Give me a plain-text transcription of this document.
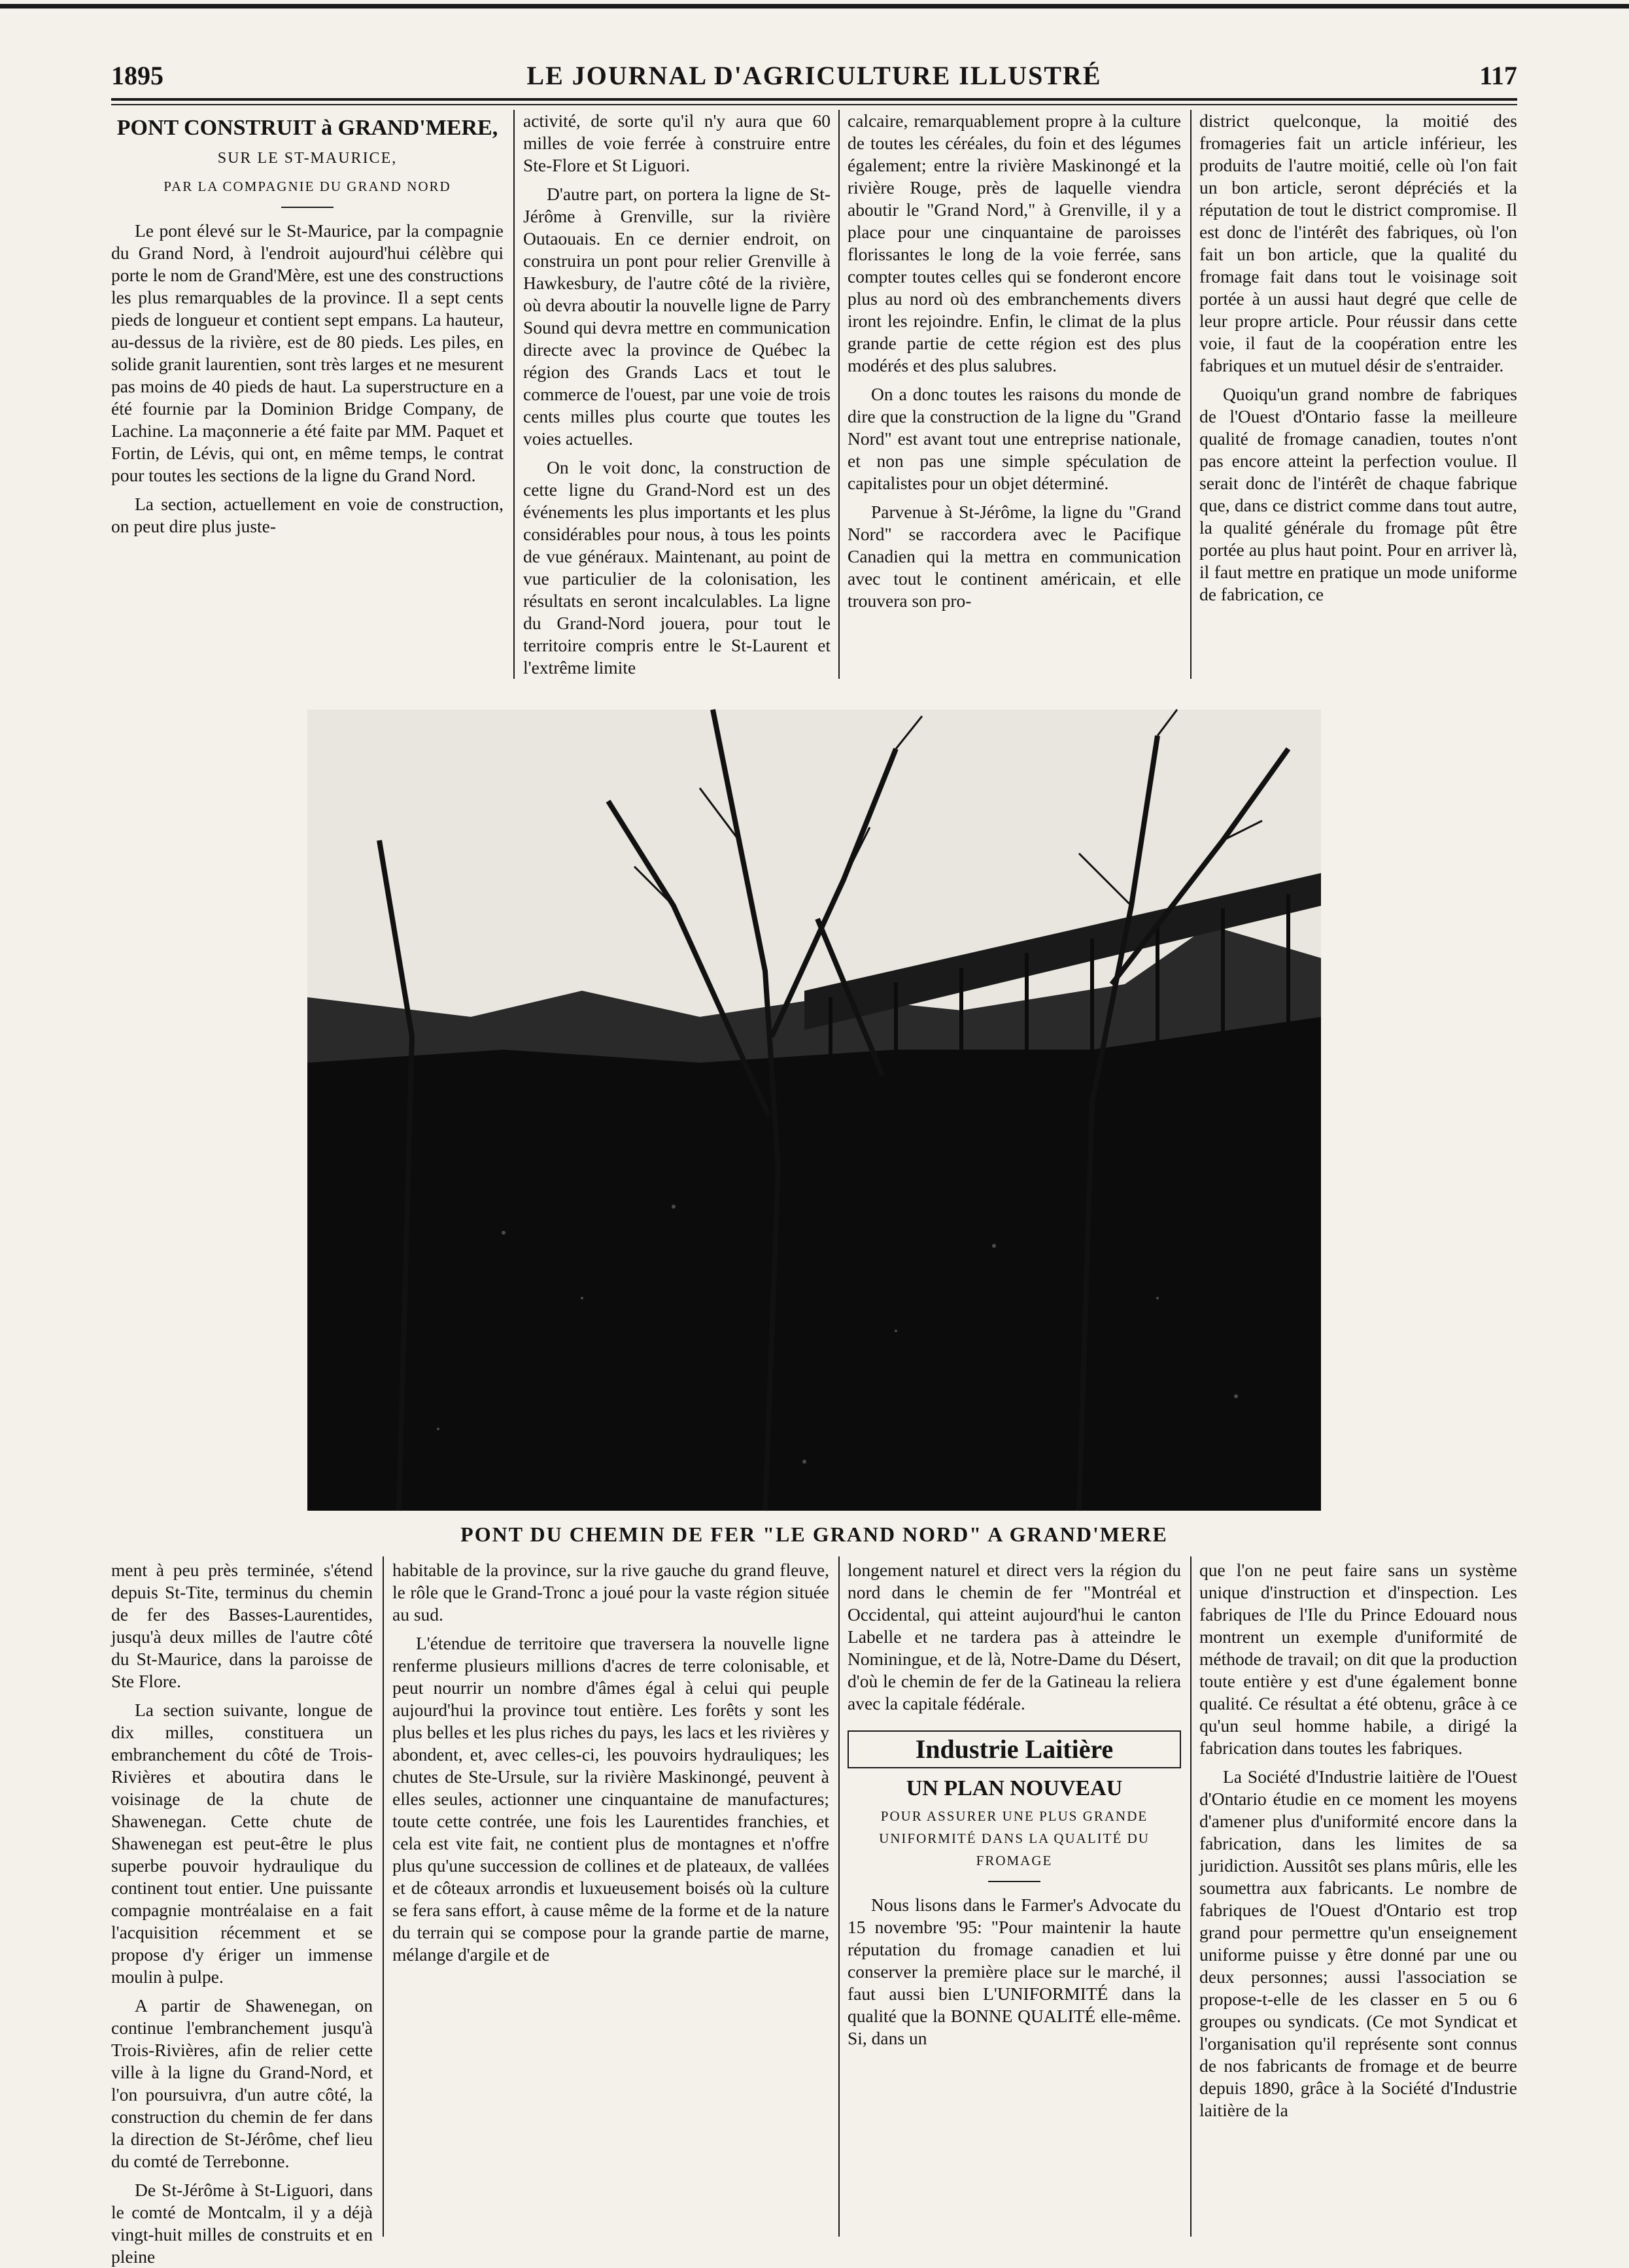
1895	LE JOURNAL D'AGRICULTURE ILLUSTRÉ	117

PONT CONSTRUIT à GRAND'MERE,

SUR LE ST-MAURICE,

PAR LA COMPAGNIE DU GRAND NORD

Le pont élevé sur le St-Maurice, par la compagnie du Grand Nord, à l'endroit aujourd'hui célèbre qui porte le nom de Grand'Mère, est une des constructions les plus remarquables de la province. Il a sept cents pieds de longueur et contient sept empans. La hauteur, au-dessus de la rivière, est de 80 pieds. Les piles, en solide granit laurentien, sont très larges et ne mesurent pas moins de 40 pieds de haut. La superstructure en a été fournie par la Dominion Bridge Company, de Lachine. La maçonnerie a été faite par MM. Paquet et Fortin, de Lévis, qui ont, en même temps, le contrat pour toutes les sections de la ligne du Grand Nord.

La section, actuellement en voie de construction, on peut dire plus juste-

activité, de sorte qu'il n'y aura que 60 milles de voie ferrée à construire entre Ste-Flore et St Liguori.

D'autre part, on portera la ligne de St-Jérôme à Grenville, sur la rivière Outaouais. En ce dernier endroit, on construira un pont pour relier Grenville à Hawkesbury, de l'autre côté de la rivière, où devra aboutir la nouvelle ligne de Parry Sound qui devra mettre en communication directe avec la province de Québec la région des Grands Lacs et tout le commerce de l'ouest, par une voie de trois cents milles plus courte que toutes les voies actuelles.

On le voit donc, la construction de cette ligne du Grand-Nord est un des événements les plus importants et les plus considérables pour nous, à tous les points de vue généraux. Maintenant, au point de vue particulier de la colonisation, les résultats en seront incalculables. La ligne du Grand-Nord jouera, pour tout le territoire compris entre le St-Laurent et l'extrême limite

calcaire, remarquablement propre à la culture de toutes les céréales, du foin et des légumes également; entre la rivière Maskinongé et la rivière Rouge, près de laquelle viendra aboutir le "Grand Nord," à Grenville, il y a place pour une cinquantaine de paroisses florissantes le long de la voie ferrée, sans compter toutes celles qui se fonderont encore plus au nord où des embranchements divers iront les rejoindre. Enfin, le climat de la plus grande partie de cette région est des plus modérés et des plus salubres.

On a donc toutes les raisons du monde de dire que la construction de la ligne du "Grand Nord" est avant tout une entreprise nationale, et non pas une simple spéculation de capitalistes pour un objet déterminé.

Parvenue à St-Jérôme, la ligne du "Grand Nord" se raccordera avec le Pacifique Canadien qui la mettra en communication avec tout le continent américain, et elle trouvera son pro-

district quelconque, la moitié des fromageries fait un article inférieur, les produits de l'autre moitié, celle où l'on fait un bon article, seront dépréciés et la réputation de tout le district compromise. Il est donc de l'intérêt des fabriques, où l'on fait un bon article, que la qualité du fromage fait dans tout le voisinage soit portée à un aussi haut degré que celle de leur propre article. Pour réussir dans cette voie, il faut de la coopération entre les fabriques et un mutuel désir de s'entraider.

Quoiqu'un grand nombre de fabriques de l'Ouest d'Ontario fasse la meilleure qualité de fromage canadien, toutes n'ont pas encore atteint la perfection voulue. Il serait donc de l'intérêt de chaque fabrique que, dans ce district comme dans tout autre, la qualité générale du fromage pût être portée au plus haut point. Pour en arriver là, il faut mettre en pratique un mode uniforme de fabrication, ce

PONT DU CHEMIN DE FER "LE GRAND NORD" A GRAND'MERE

ment à peu près terminée, s'étend depuis St-Tite, terminus du chemin de fer des Basses-Laurentides, jusqu'à deux milles de l'autre côté du St-Maurice, dans la paroisse de Ste Flore.

La section suivante, longue de dix milles, constituera un embranchement du côté de Trois-Rivières et aboutira dans le voisinage de la chute de Shawenegan. Cette chute de Shawenegan est peut-être le plus superbe pouvoir hydraulique du continent tout entier. Une puissante compagnie montréalaise en a fait l'acquisition récemment et se propose d'y ériger un immense moulin à pulpe.

A partir de Shawenegan, on continue l'embranchement jusqu'à Trois-Rivières, afin de relier cette ville à la ligne du Grand-Nord, et l'on poursuivra, d'un autre côté, la construction du chemin de fer dans la direction de St-Jérôme, chef lieu du comté de Terrebonne.

De St-Jérôme à St-Liguori, dans le comté de Montcalm, il y a déjà vingt-huit milles de construits et en pleine

habitable de la province, sur la rive gauche du grand fleuve, le rôle que le Grand-Tronc a joué pour la vaste région située au sud.

L'étendue de territoire que traversera la nouvelle ligne renferme plusieurs millions d'acres de terre colonisable, et peut nourrir un nombre d'âmes égal à celui qui peuple aujourd'hui la province tout entière. Les forêts y sont les plus belles et les plus riches du pays, les lacs et les rivières y abondent, et, avec celles-ci, les pouvoirs hydrauliques; les chutes de Ste-Ursule, sur la rivière Maskinongé, peuvent à elles seules, actionner une cinquantaine de manufactures; toute cette contrée, une fois les Laurentides franchies, et cela est vite fait, ne contient plus de montagnes et n'offre plus qu'une succession de collines et de plateaux, de vallées et de côteaux arrondis et luxueusement boisés où la culture se fera sans effort, à cause même de la forme et de la nature du terrain qui se compose pour la grande partie de marne, mélange d'argile et de

longement naturel et direct vers la région du nord dans le chemin de fer "Montréal et Occidental, qui atteint aujourd'hui le canton Labelle et ne tardera pas à atteindre le Nominingue, et de là, Notre-Dame du Désert, d'où le chemin de fer de la Gatineau la reliera avec la capitale fédérale.

Industrie Laitière
UN PLAN NOUVEAU
POUR ASSURER UNE PLUS GRANDE UNIFORMITÉ DANS LA QUALITÉ DU FROMAGE

Nous lisons dans le Farmer's Advocate du 15 novembre '95: "Pour maintenir la haute réputation du fromage canadien et lui conserver la première place sur le marché, il faut aussi bien L'UNIFORMITÉ dans la qualité que la BONNE QUALITÉ elle-même. Si, dans un

que l'on ne peut faire sans un système unique d'instruction et d'inspection. Les fabriques de l'Ile du Prince Edouard nous montrent un exemple d'uniformité de méthode de travail; on dit que la production toute entière y est d'une également bonne qualité. Ce résultat a été obtenu, grâce à ce qu'un seul homme habile, a dirigé la fabrication dans toutes les fabriques.

La Société d'Industrie laitière de l'Ouest d'Ontario étudie en ce moment les moyens d'amener plus d'uniformité encore dans la fabrication, dans les limites de sa juridiction. Aussitôt ses plans mûris, elle les soumettra aux fabricants. Le nombre de fabriques de l'Ouest d'Ontario est trop grand pour permettre qu'un enseignement uniforme puisse y être donné par une ou deux personnes; aussi l'association se propose-t-elle de les classer en 5 ou 6 groupes ou syndicats. (Ce mot Syndicat et l'organisation qu'il représente sont connus de nos fabricants de fromage et de beurre depuis 1890, grâce à la Société d'Industrie laitière de la
